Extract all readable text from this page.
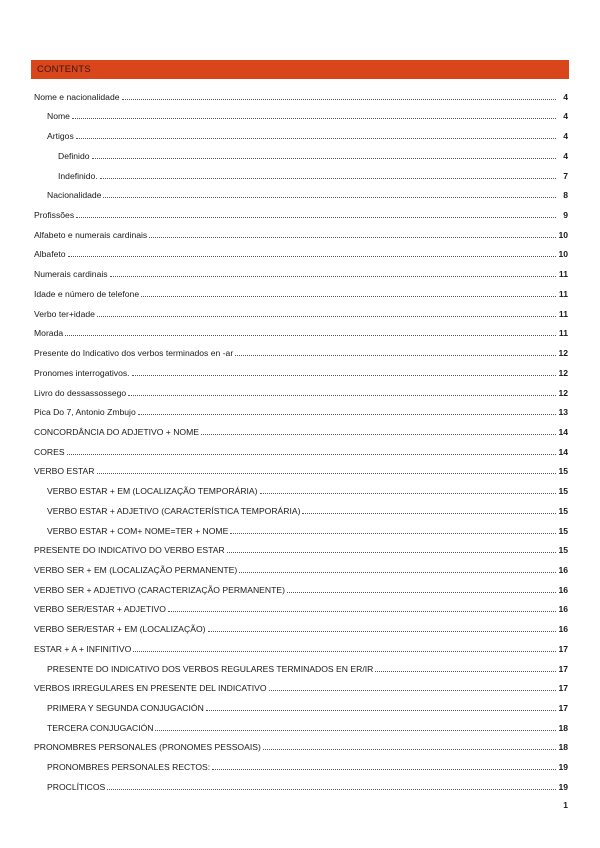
CONTENTS
Nome e nacionalidade	4
Nome	4
Artigos	4
Definido	4
Indefinido.	7
Nacionalidade	8
Profissões	9
Alfabeto e numerais cardinais	10
Albafeto	10
Numerais cardinais	11
Idade e número de telefone	11
Verbo ter+idade	11
Morada	11
Presente do Indicativo dos verbos terminados en -ar	12
Pronomes interrogativos.	12
Livro do dessassossego	12
Pica Do 7, Antonio Zmbujo	13
CONCORDÂNCIA DO ADJETIVO + NOME	14
CORES	14
VERBO ESTAR	15
VERBO ESTAR + EM (LOCALIZAÇÃO TEMPORÁRIA)	15
VERBO ESTAR + ADJETIVO (CARACTERÍSTICA TEMPORÁRIA)	15
VERBO ESTAR + COM+ NOME=TER + NOME	15
PRESENTE DO INDICATIVO DO VERBO ESTAR	15
VERBO SER + EM (LOCALIZAÇÃO PERMANENTE)	16
VERBO SER + ADJETIVO (CARACTERIZAÇÃO PERMANENTE)	16
VERBO SER/ESTAR + ADJETIVO	16
VERBO SER/ESTAR + EM (LOCALIZAÇÃO)	16
ESTAR + A + INFINITIVO	17
PRESENTE DO INDICATIVO DOS VERBOS REGULARES TERMINADOS EN ER/IR	17
VERBOS IRREGULARES EN PRESENTE DEL INDICATIVO	17
PRIMERA Y SEGUNDA CONJUGACIÓN	17
TERCERA CONJUGACIÓN	18
PRONOMBRES PERSONALES (PRONOMES PESSOAIS)	18
PRONOMBRES PERSONALES RECTOS:	19
PROCLÍTICOS	19
1
